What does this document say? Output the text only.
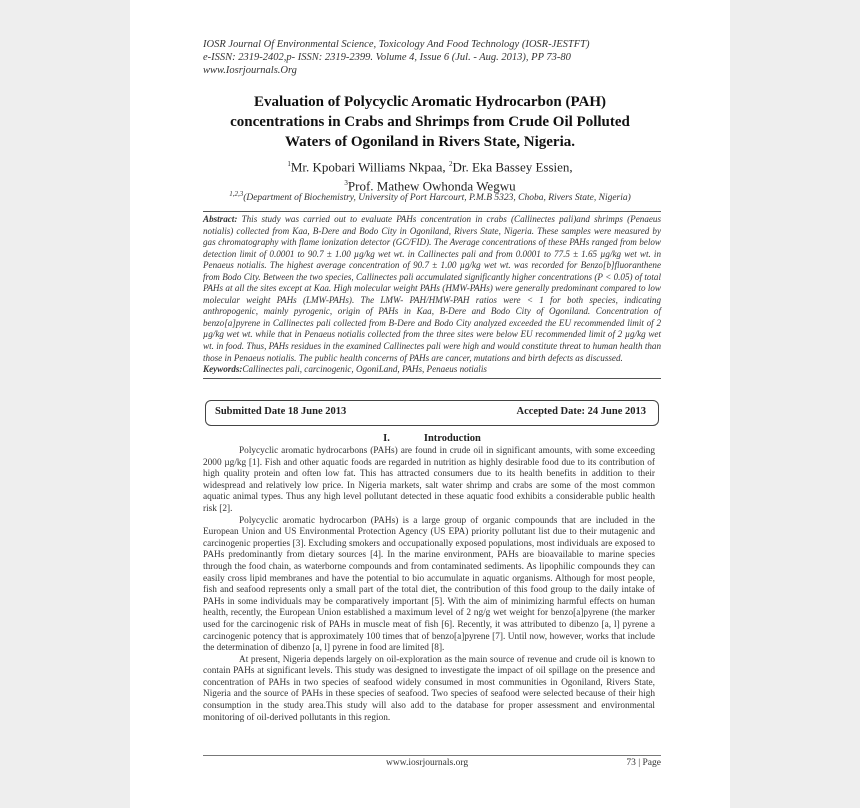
IOSR Journal Of Environmental Science, Toxicology And Food Technology (IOSR-JESTFT)
e-ISSN: 2319-2402,p- ISSN: 2319-2399. Volume 4, Issue 6 (Jul. - Aug. 2013), PP 73-80
www.Iosrjournals.Org
Evaluation of Polycyclic Aromatic Hydrocarbon (PAH)
concentrations in Crabs and Shrimps from Crude Oil Polluted
Waters of Ogoniland in Rivers State, Nigeria.
$^1$Mr. Kpobari Williams Nkpaa, $^2$Dr. Eka Bassey Essien,
$^3$Prof. Mathew Owhonda Wegwu
$^{1,2,3}$(Department of Biochemistry, University of Port Harcourt, P.M.B 5323, Choba, Rivers State, Nigeria)

Abstract: This study was carried out to evaluate PAHs concentration in crabs (Callinectes pali)and shrimps (Penaeus notialis) collected from Kaa, B-Dere and Bodo City in Ogoniland, Rivers State, Nigeria. These samples were measured by gas chromatography with flame ionization detector (GC/FID). The Average concentrations of these PAHs ranged from below detection limit of 0.0001 to 90.7 ± 1.00 µg/kg wet wt. in Callinectes pali and from 0.0001 to 77.5 ± 1.65 µg/kg wet wt. in Penaeus notialis. The highest average concentration of 90.7 ± 1.00 µg/kg wet wt. was recorded for Benzo[b]fluoranthene from Bodo City. Between the two species, Callinectes pali accumulated significantly higher concentrations (P < 0.05) of total PAHs at all the sites except at Kaa. High molecular weight PAHs (HMW-PAHs) were generally predominant compared to low molecular weight PAHs (LMW-PAHs). The LMW- PAH/HMW-PAH ratios were < 1 for both species, indicating anthropogenic, mainly pyrogenic, origin of PAHs in Kaa, B-Dere and Bodo City of Ogoniland. Concentration of benzo[a]pyrene in Callinectes pali collected from B-Dere and Bodo City analyzed exceeded the EU recommended limit of 2 µg/kg wet wt. while that in Penaeus notialis collected from the three sites were below EU recommended limit of 2 µg/kg wet wt. in food. Thus, PAHs residues in the examined Callinectes pali were high and would constitute threat to human health than those in Penaeus notialis. The public health concerns of PAHs are cancer, mutations and birth defects as discussed.

Keywords:Callinectes pali, carcinogenic, OgoniLand, PAHs, Penaeus notialis

Submitted Date 18 June 2013	Accepted Date: 24 June 2013
I.	Introduction

Polycyclic aromatic hydrocarbons (PAHs) are found in crude oil in significant amounts, with some exceeding 2000 µg/kg [1]. Fish and other aquatic foods are regarded in nutrition as highly desirable food due to its contribution of high quality protein and often low fat. This has attracted consumers due to its health benefits in addition to their widespread and relatively low price. In Nigeria markets, salt water shrimp and crabs are some of the most common aquatic animal types. Thus any high level pollutant detected in these aquatic food exhibits a considerable public health risk [2].

Polycyclic aromatic hydrocarbon (PAHs) is a large group of organic compounds that are included in the European Union and US Environmental Protection Agency (US EPA) priority pollutant list due to their mutagenic and carcinogenic properties [3]. Excluding smokers and occupationally exposed populations, most individuals are exposed to PAHs predominantly from dietary sources [4]. In the marine environment, PAHs are bioavailable to marine species through the food chain, as waterborne compounds and from contaminated sediments. As lipophilic compounds they can easily cross lipid membranes and have the potential to bio accumulate in aquatic organisms. Although for most people, fish and seafood represents only a small part of the total diet, the contribution of this food group to the daily intake of PAHs in some individuals may be comparatively important [5]. With the aim of minimizing harmful effects on human health, recently, the European Union established a maximum level of 2 ng/g wet weight for benzo[a]pyrene (the marker used for the carcinogenic risk of PAHs in muscle meat of fish [6]. Recently, it was attributed to dibenzo [a, l] pyrene a carcinogenic potency that is approximately 100 times that of benzo[a]pyrene [7]. Until now, however, works that include the determination of dibenzo [a, l] pyrene in food are limited [8].

At present, Nigeria depends largely on oil-exploration as the main source of revenue and crude oil is known to contain PAHs at significant levels. This study was designed to investigate the impact of oil spillage on the presence and concentration of PAHs in two species of seafood widely consumed in most communities in Ogoniland, Rivers State, Nigeria and the source of PAHs in these species of seafood. Two species of seafood were selected because of their high consumption in the study area.This study will also add to the database for proper assessment and environmental monitoring of oil-derived pollutants in this region.

www.iosrjournals.org	73 | Page
